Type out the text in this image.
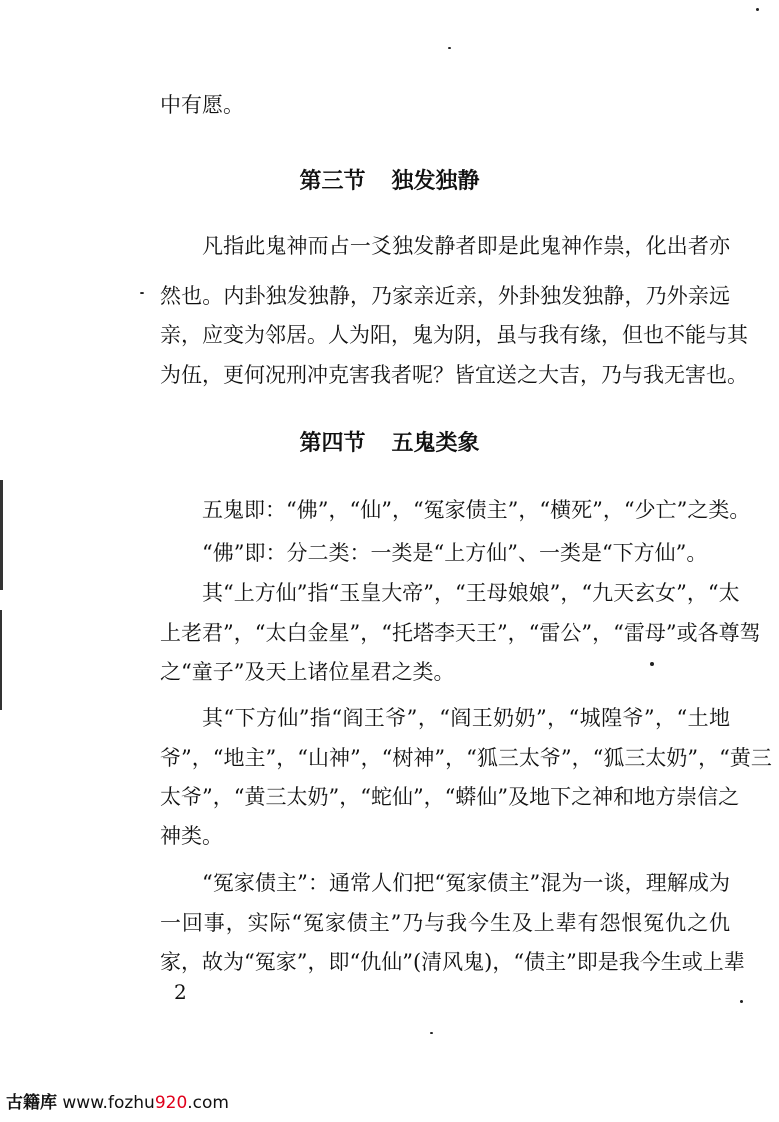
中有愿。
凡指此鬼神而占一爻独发静者即是此鬼神作祟，化出者亦
然也。内卦独发独静，乃家亲近亲，外卦独发独静，乃外亲远
亲，应变为邻居。人为阳，鬼为阴，虽与我有缘，但也不能与其
为伍，更何况刑冲克害我者呢？皆宜送之大吉，乃与我无害也。
五鬼即：“佛”，“仙”，“冤家债主”，“横死”，“少亡”之类。
“佛”即：分二类：一类是“上方仙”、一类是“下方仙”。
其“上方仙”指“玉皇大帝”，“王母娘娘”，“九天玄女”，“太
上老君”，“太白金星”，“托塔李天王”，“雷公”，“雷母”或各尊驾
之“童子”及天上诸位星君之类。
其“下方仙”指“阎王爷”，“阎王奶奶”，“城隍爷”，“土地
爷”，“地主”，“山神”，“树神”，“狐三太爷”，“狐三太奶”，“黄三
太爷”，“黄三太奶”，“蛇仙”，“蟒仙”及地下之神和地方崇信之
神类。
“冤家债主”：通常人们把“冤家债主”混为一谈，理解成为
一回事，实际“冤家债主”乃与我今生及上辈有怨恨冤仇之仇
家，故为“冤家”，即“仇仙”(清风鬼)，“债主”即是我今生或上辈
第三节 独发独静
第四节 五鬼类象
2
古籍库 www.fozhu920.com
